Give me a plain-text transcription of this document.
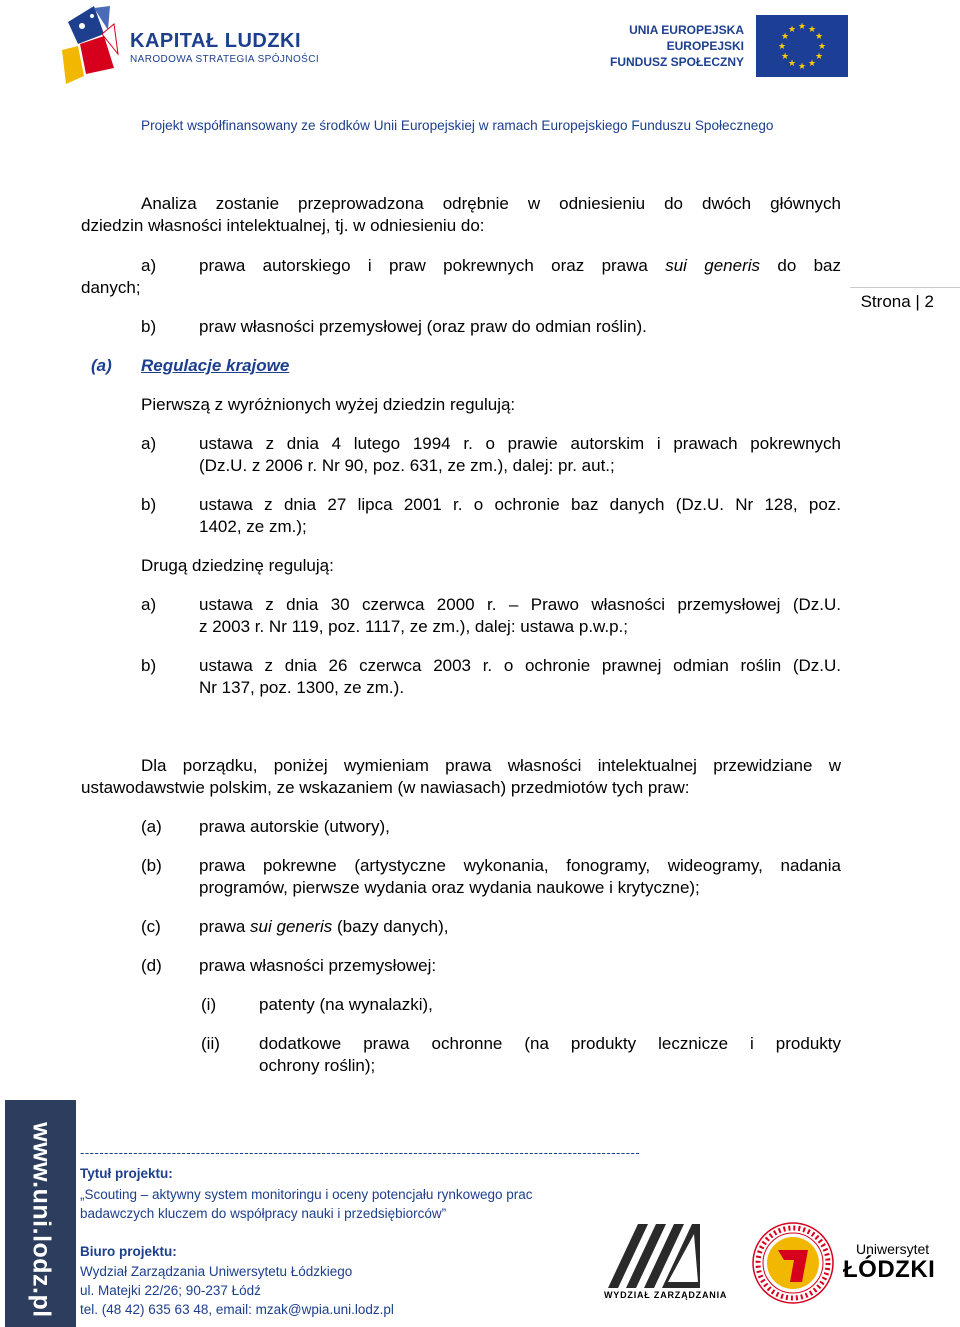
KAPITAŁ LUDZKI
NARODOWA STRATEGIA SPÓJNOŚCI
UNIA EUROPEJSKA
EUROPEJSKI
FUNDUSZ SPOŁECZNY
★ ★
★
★
★
★
★
★
★
★
★
★
Projekt współfinansowany ze środków Unii Europejskiej w ramach Europejskiego Funduszu Społecznego
Strona | 2
Analiza zostanie przeprowadzona odrębnie w odniesieniu do dwóch głównych
dziedzin własności intelektualnej, tj. w odniesieniu do:
a)	prawa autorskiego i praw pokrewnych oraz prawa sui generis do baz
danych;
b)	praw własności przemysłowej (oraz praw do odmian roślin).
(a) Regulacje krajowe
Pierwszą z wyróżnionych wyżej dziedzin regulują:
a)	ustawa z dnia 4 lutego 1994 r. o prawie autorskim i prawach pokrewnych
(Dz.U. z 2006 r. Nr 90, poz. 631, ze zm.), dalej: pr. aut.;
b)	ustawa z dnia 27 lipca 2001 r. o ochronie baz danych (Dz.U. Nr 128, poz.
1402, ze zm.);
Drugą dziedzinę regulują:
a)	ustawa z dnia 30 czerwca 2000 r. – Prawo własności przemysłowej (Dz.U.
z 2003 r. Nr 119, poz. 1117, ze zm.), dalej: ustawa p.w.p.;
b)	ustawa z dnia 26 czerwca 2003 r. o ochronie prawnej odmian roślin (Dz.U.
Nr 137, poz. 1300, ze zm.).
Dla porządku, poniżej wymieniam prawa własności intelektualnej przewidziane w
ustawodawstwie polskim, ze wskazaniem (w nawiasach) przedmiotów tych praw:
(a) prawa autorskie (utwory),
(b) prawa pokrewne (artystyczne wykonania, fonogramy, wideogramy, nadania
programów, pierwsze wydania oraz wydania naukowe i krytyczne);
(c) prawa sui generis (bazy danych),
(d) prawa własności przemysłowej:
(i)	patenty (na wynalazki),
(ii) dodatkowe prawa ochronne (na produkty lecznicze i produkty
ochrony roślin);
www.uni.lodz.pl --------------------------------------------------------------------------------------------------------------------
Tytuł projektu:
„Scouting – aktywny system monitoringu i oceny potencjału rynkowego prac
badawczych kluczem do współpracy nauki i przedsiębiorców”
Biuro projektu:
Wydział Zarządzania Uniwersytetu Łódzkiego
ul. Matejki 22/26; 90-237 Łódź
tel. (48 42) 635 63 48, email: mzak@wpia.uni.lodz.pl
WYDZIAŁ ZARZĄDZANIA
Uniwersytet
ŁÓDZKI
